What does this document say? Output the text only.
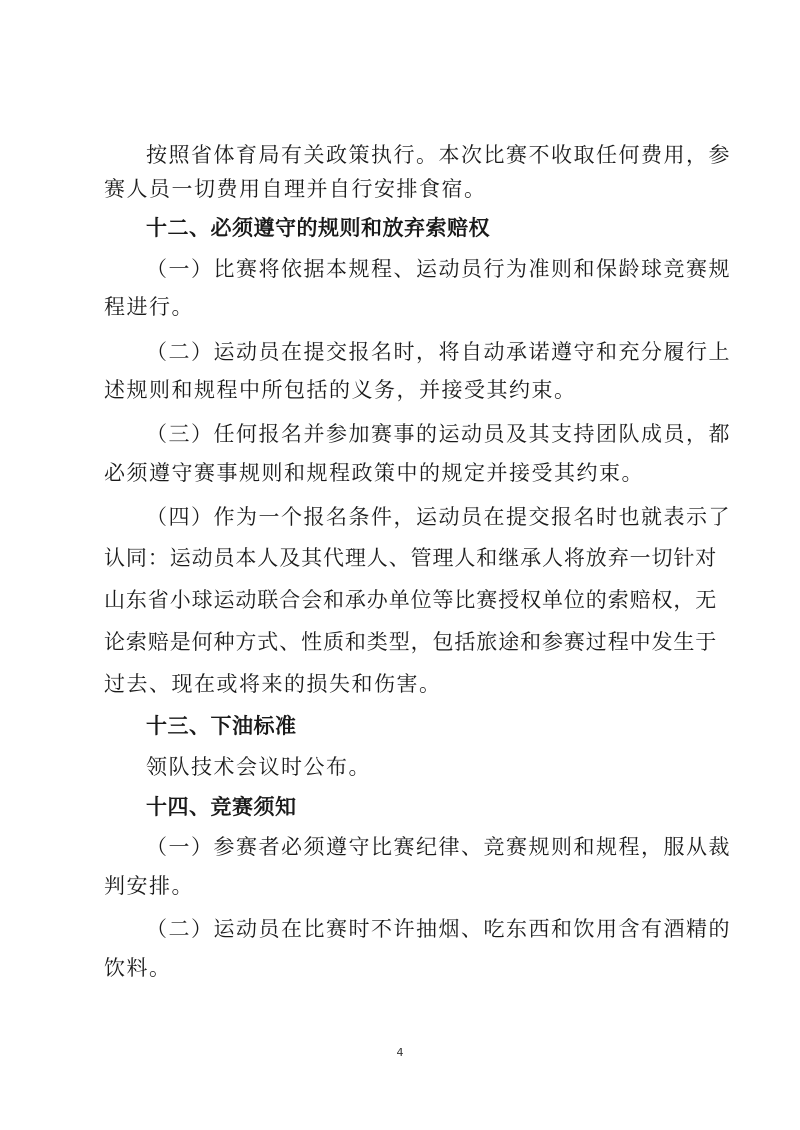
按 照 省 体 育 局 有 关 政 策 执 行 。 本 次 比 赛 不 收 取 任 何 费 用 ， 参
赛人员一切费用自理并自行安排食宿。
十二、必须遵守的规则和放弃索赔权
（一）比赛将依据本规程、运动员行为准则和保龄球竞赛规
程进行。
（二）运动员在提交报名时，将自动承诺遵守和充分履行上
述规则和规程中所包括的义务，并接受其约束。
（三）任何报名并参加赛事的运动员及其支持团队成员，都
必须遵守赛事规则和规程政策中的规定并接受其约束。
（四）作为一个报名条件，运动员在提交报名时也就表示了
认同：运动员本人及其代理人、管理人和继承人将放弃一切针对
山东省小球运动联合会和承办单位等比赛授权单位的索赔权，无
论索赔是何种方式、性质和类型，包括旅途和参赛过程中发生于
过去、现在或将来的损失和伤害。
十三、下油标准
领队技术会议时公布。
十四、竞赛须知
（一）参赛者必须遵守比赛纪律、竞赛规则和规程，服从裁
判安排。
（二）运动员在比赛时不许抽烟、吃东西和饮用含有酒精的
饮料。
4
